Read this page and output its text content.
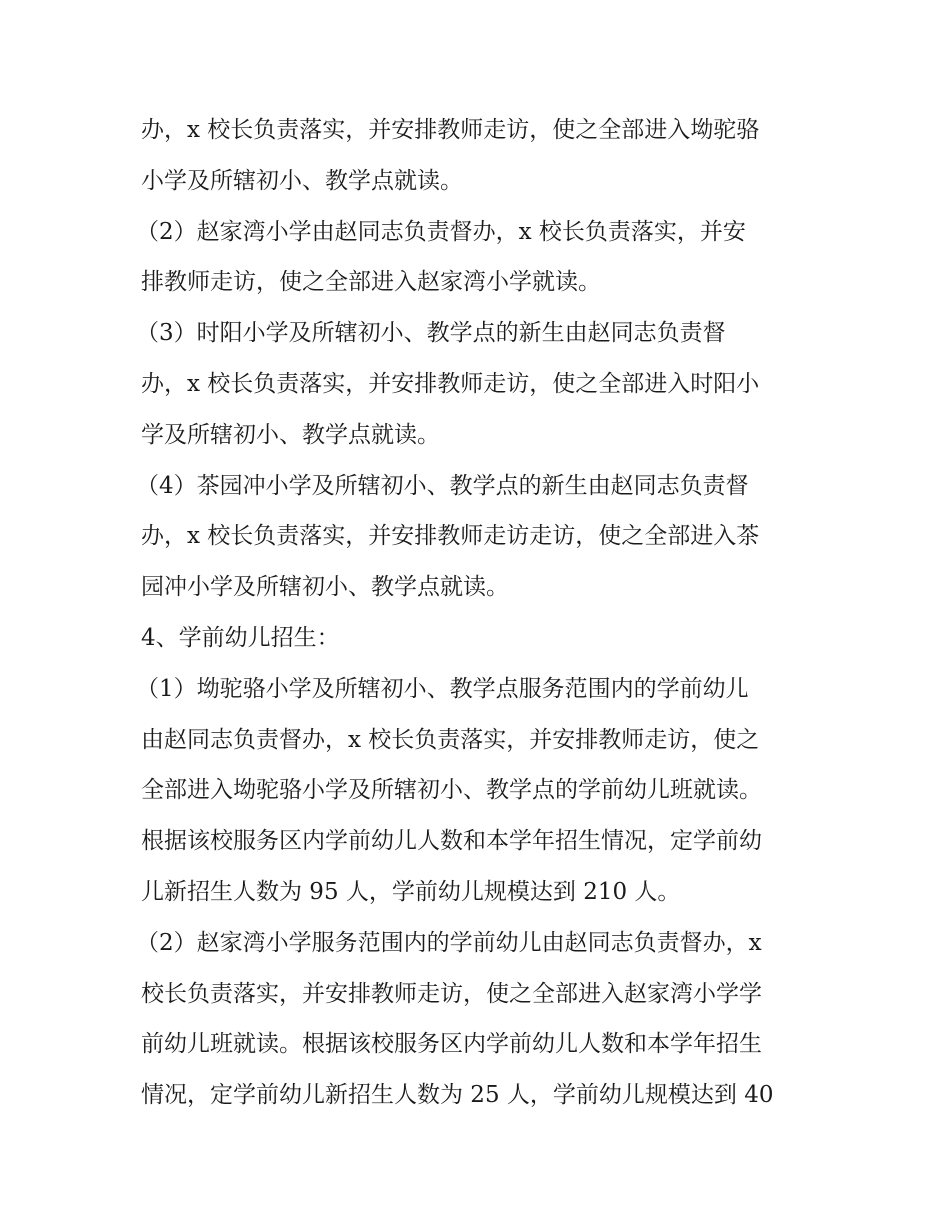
办，x 校长负责落实，并安排教师走访，使之全部进入坳驼骆
小学及所辖初小、教学点就读。
（2）赵家湾小学由赵同志负责督办，x 校长负责落实，并安
排教师走访，使之全部进入赵家湾小学就读。
（3）时阳小学及所辖初小、教学点的新生由赵同志负责督
办，x 校长负责落实，并安排教师走访，使之全部进入时阳小
学及所辖初小、教学点就读。
（4）茶园冲小学及所辖初小、教学点的新生由赵同志负责督
办，x 校长负责落实，并安排教师走访走访，使之全部进入茶
园冲小学及所辖初小、教学点就读。
4、学前幼儿招生：
（1）坳驼骆小学及所辖初小、教学点服务范围内的学前幼儿
由赵同志负责督办，x 校长负责落实，并安排教师走访，使之
全部进入坳驼骆小学及所辖初小、教学点的学前幼儿班就读。
根据该校服务区内学前幼儿人数和本学年招生情况，定学前幼
儿新招生人数为 95 人，学前幼儿规模达到 210 人。
（2）赵家湾小学服务范围内的学前幼儿由赵同志负责督办，x
校长负责落实，并安排教师走访，使之全部进入赵家湾小学学
前幼儿班就读。根据该校服务区内学前幼儿人数和本学年招生
情况，定学前幼儿新招生人数为 25 人，学前幼儿规模达到 40
